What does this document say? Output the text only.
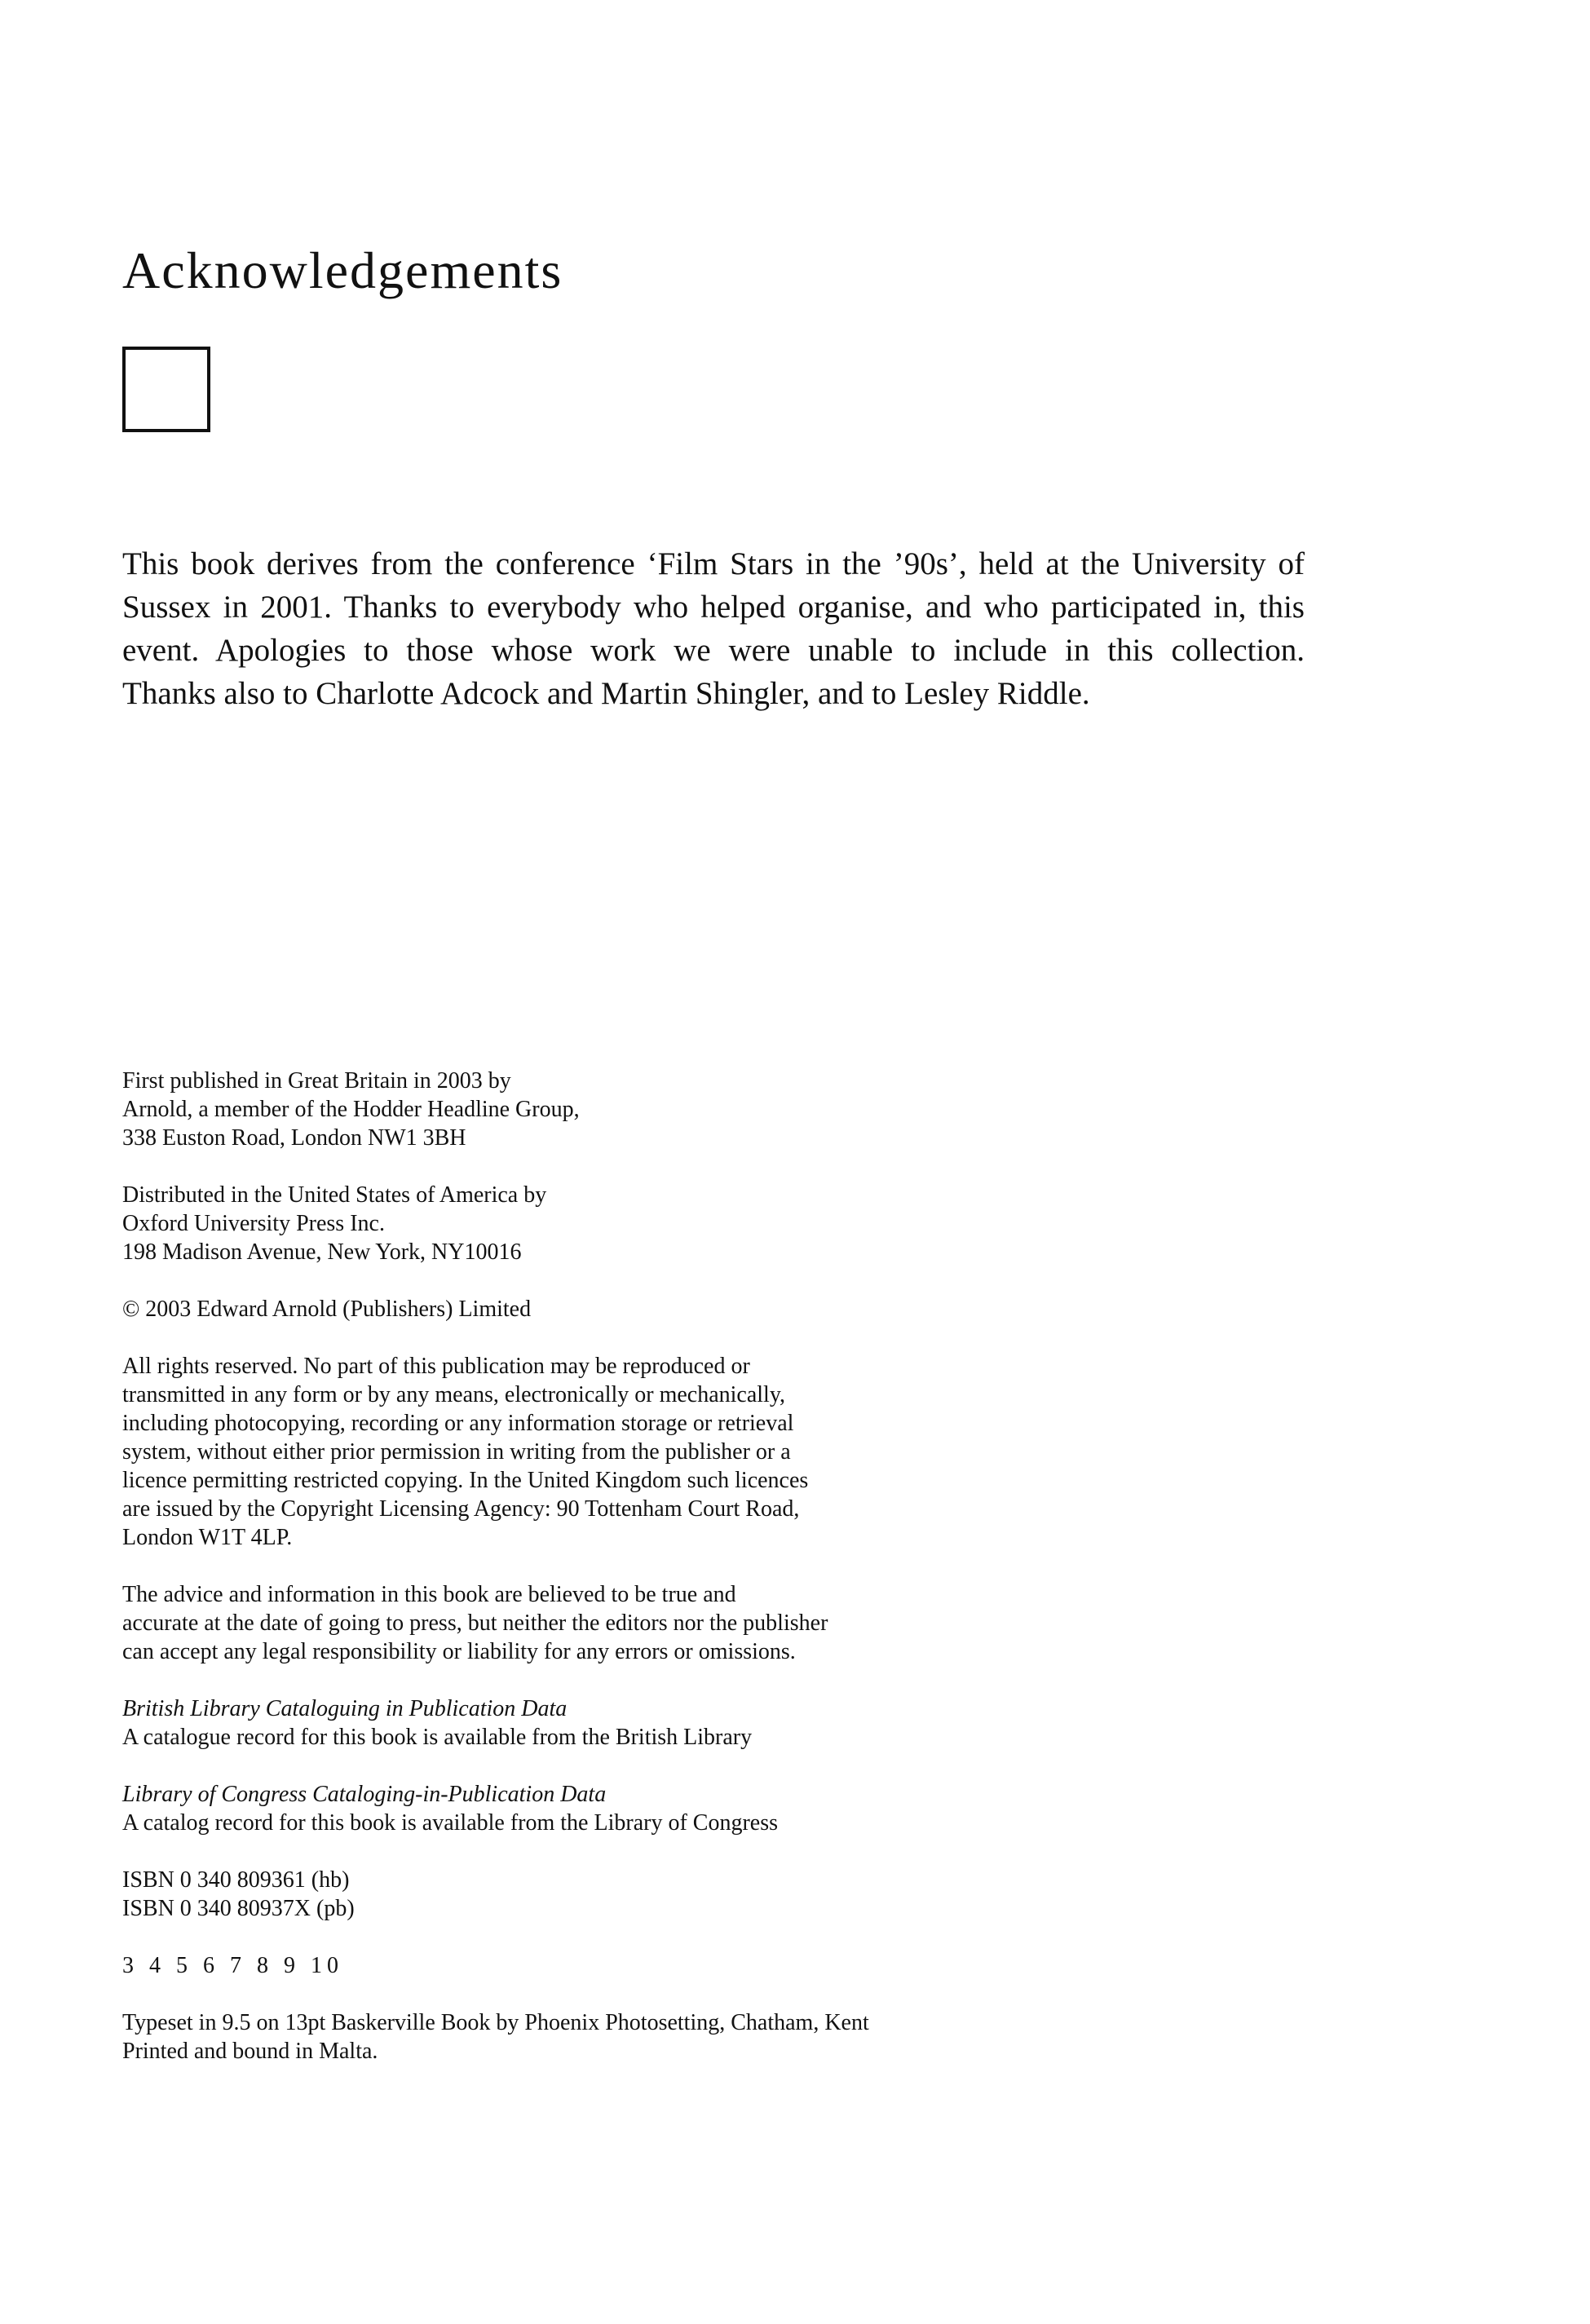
Acknowledgements

This book derives from the conference ‘Film Stars in the ’90s’, held at the University of
Sussex in 2001. Thanks to everybody who helped organise, and who participated in, this
event. Apologies to those whose work we were unable to include in this collection.
Thanks also to Charlotte Adcock and Martin Shingler, and to Lesley Riddle.

First published in Great Britain in 2003 by
Arnold, a member of the Hodder Headline Group,
338 Euston Road, London NW1 3BH
Distributed in the United States of America by
Oxford University Press Inc.
198 Madison Avenue, New York, NY10016
© 2003 Edward Arnold (Publishers) Limited
All rights reserved. No part of this publication may be reproduced or
transmitted in any form or by any means, electronically or mechanically,
including photocopying, recording or any information storage or retrieval
system, without either prior permission in writing from the publisher or a
licence permitting restricted copying. In the United Kingdom such licences
are issued by the Copyright Licensing Agency: 90 Tottenham Court Road,
London W1T 4LP.
The advice and information in this book are believed to be true and
accurate at the date of going to press, but neither the editors nor the publisher
can accept any legal responsibility or liability for any errors or omissions.
British Library Cataloguing in Publication Data
A catalogue record for this book is available from the British Library
Library of Congress Cataloging-in-Publication Data
A catalog record for this book is available from the Library of Congress
ISBN 0 340 809361 (hb)
ISBN 0 340 80937X (pb)
3 4 5 6 7 8 9 10
Typeset in 9.5 on 13pt Baskerville Book by Phoenix Photosetting, Chatham, Kent
Printed and bound in Malta.
